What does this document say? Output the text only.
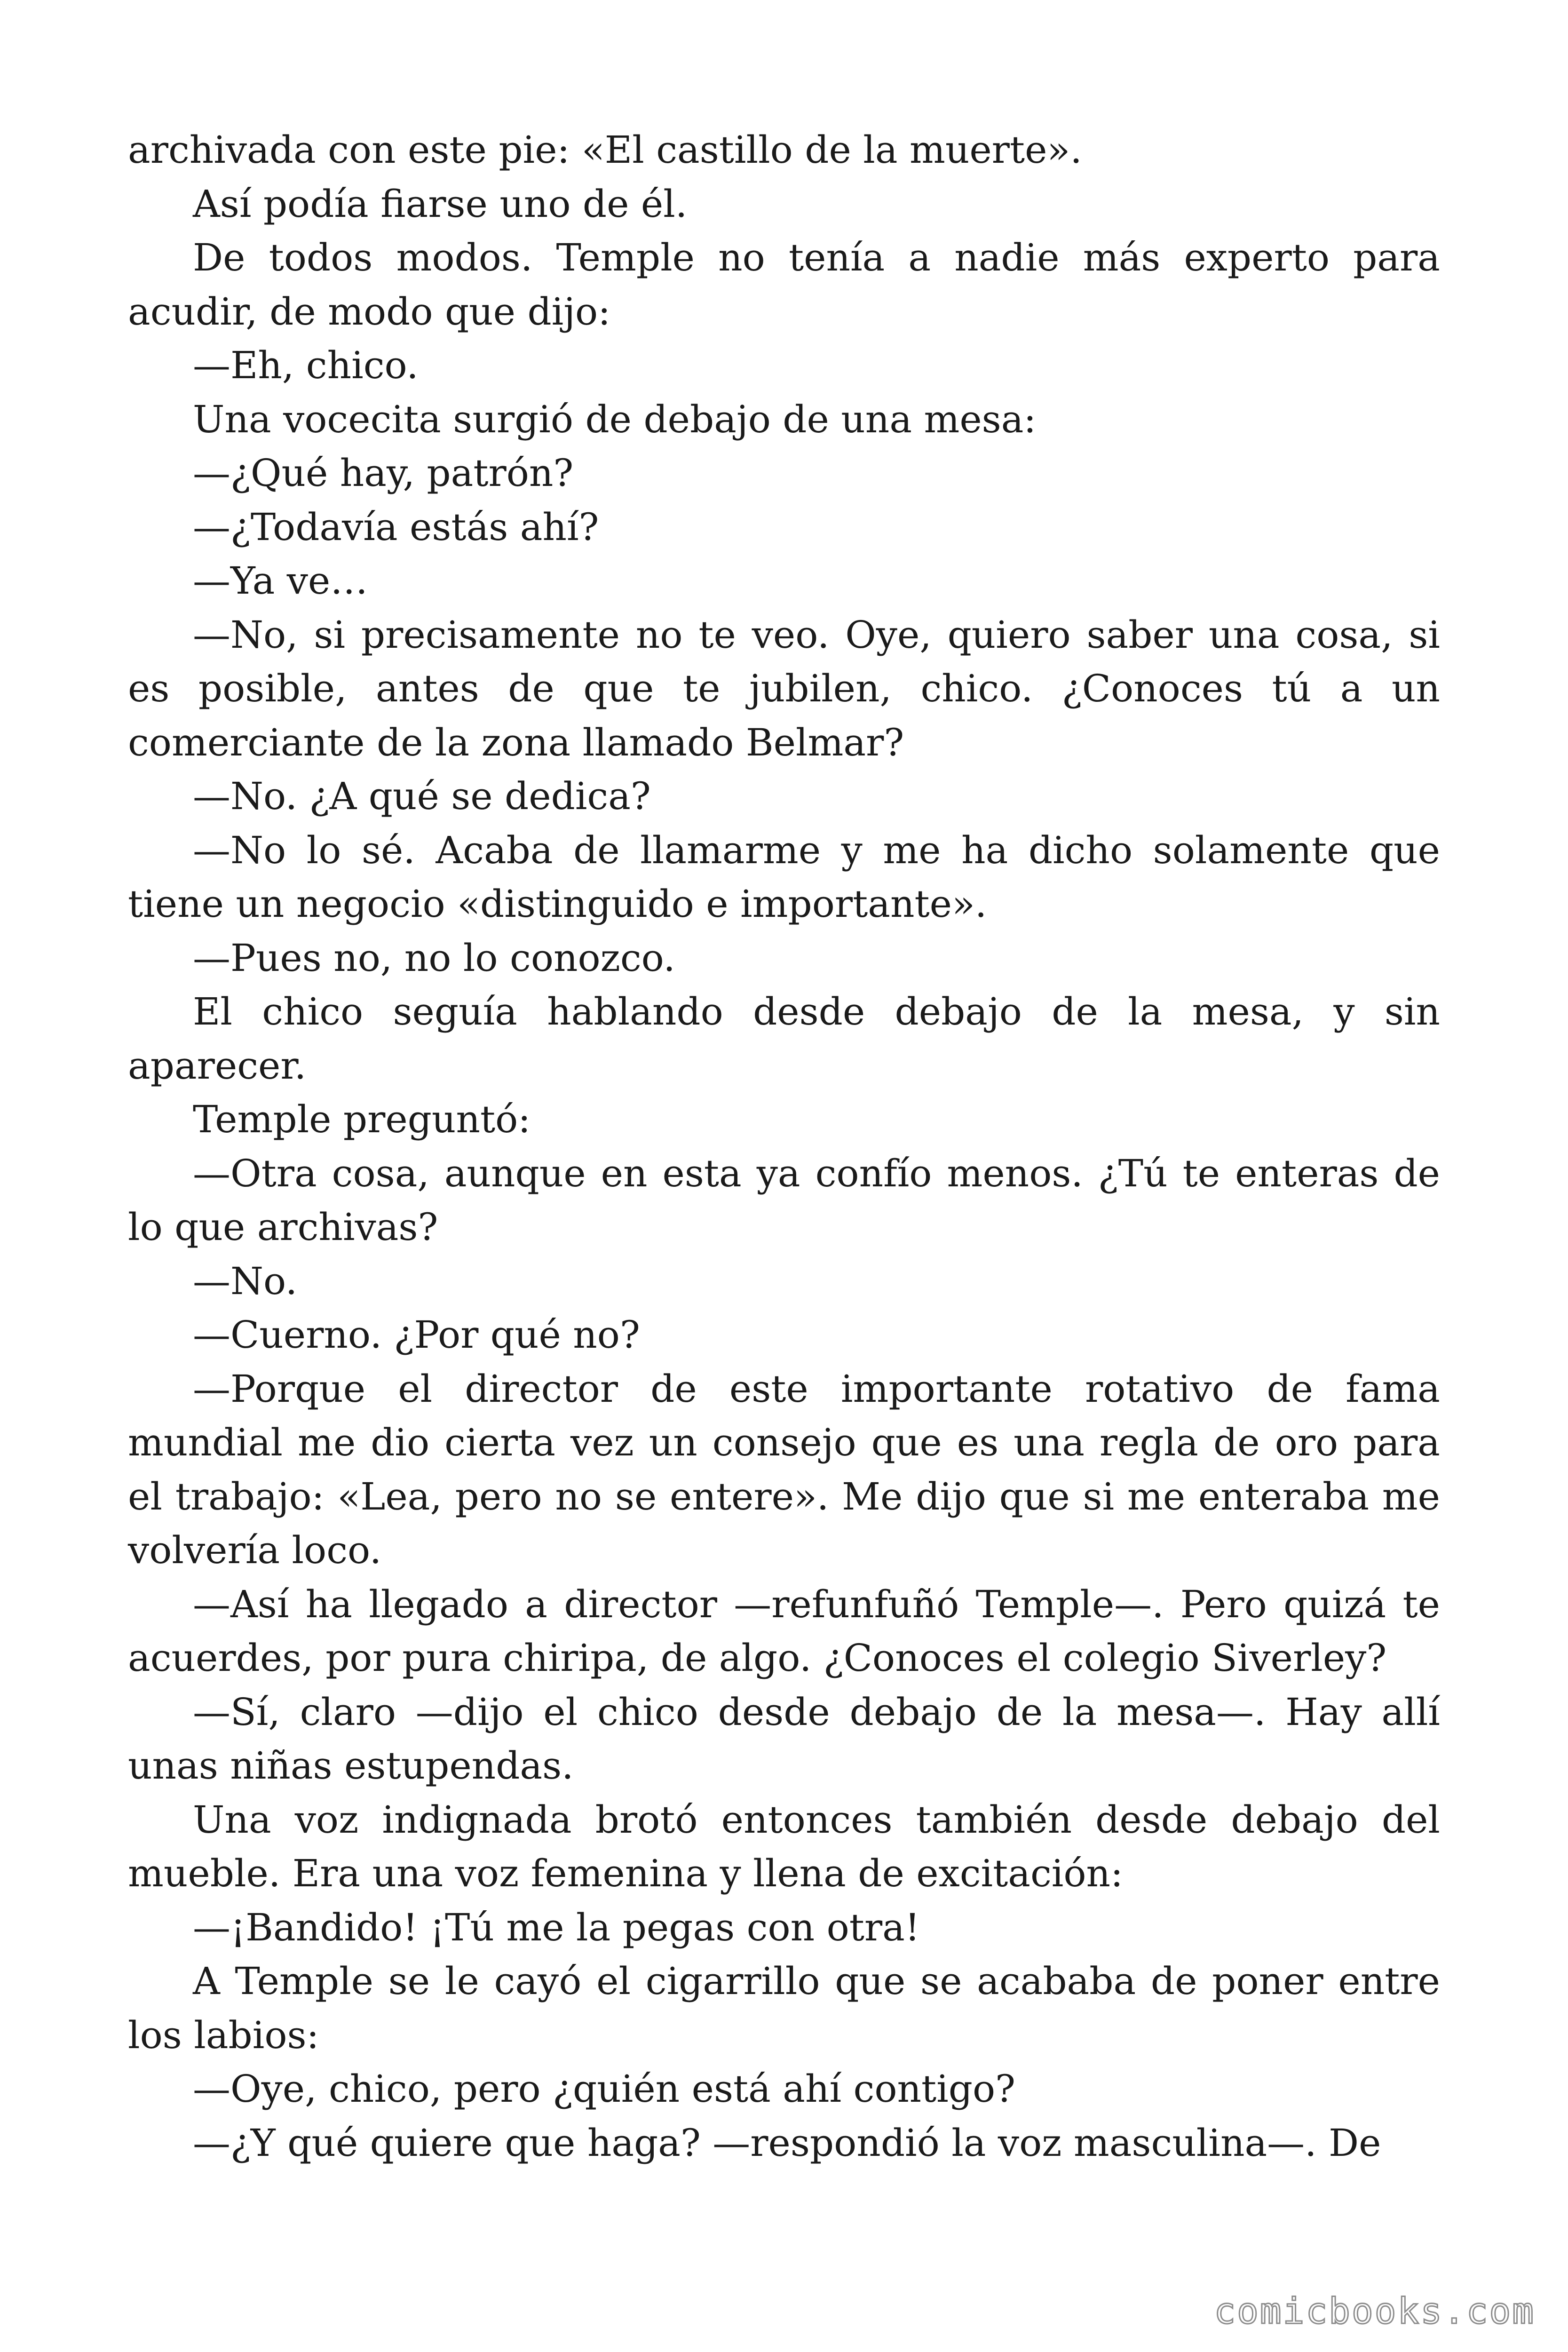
archivada con este pie: «El castillo de la muerte».

Así podía fiarse uno de él.

De todos modos. Temple no tenía a nadie más experto para acudir, de modo que dijo:

—Eh, chico.

Una vocecita surgió de debajo de una mesa:

—¿Qué hay, patrón?

—¿Todavía estás ahí?

—Ya ve…

—No, si precisamente no te veo. Oye, quiero saber una cosa, si es posible, antes de que te jubilen, chico. ¿Conoces tú a un comerciante de la zona llamado Belmar?

—No. ¿A qué se dedica?

—No lo sé. Acaba de llamarme y me ha dicho solamente que tiene un negocio «distinguido e importante».

—Pues no, no lo conozco.

El chico seguía hablando desde debajo de la mesa, y sin aparecer.

Temple preguntó:

—Otra cosa, aunque en esta ya confío menos. ¿Tú te enteras de lo que archivas?

—No.

—Cuerno. ¿Por qué no?

—Porque el director de este importante rotativo de fama mundial me dio cierta vez un consejo que es una regla de oro para el trabajo: «Lea, pero no se entere». Me dijo que si me enteraba me volvería loco.

—Así ha llegado a director —refunfuñó Temple—. Pero quizá te acuerdes, por pura chiripa, de algo. ¿Conoces el colegio Siverley?

—Sí, claro —dijo el chico desde debajo de la mesa—. Hay allí unas niñas estupendas.

Una voz indignada brotó entonces también desde debajo del mueble. Era una voz femenina y llena de excitación:

—¡Bandido! ¡Tú me la pegas con otra!

A Temple se le cayó el cigarrillo que se acababa de poner entre los labios:

—Oye, chico, pero ¿quién está ahí contigo?

—¿Y qué quiere que haga? —respondió la voz masculina—. De

comicbooks.com
